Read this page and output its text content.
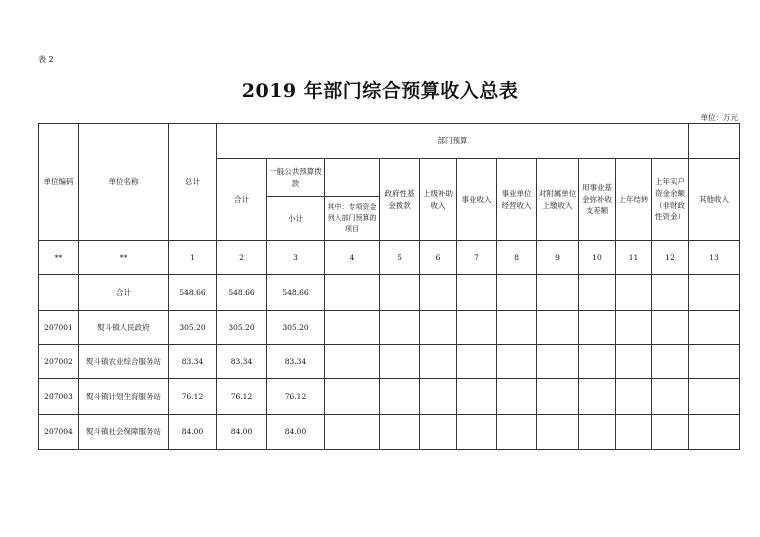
表 2
2019 年部门综合预算收入总表
单位：万元
单位编码	单位名称	总计	部门预算											
			合计	一般公共预算拨款		政府性基金拨款	上级补助收入	事业收入	事业单位经营收入	对附属单位上缴收入	用事业基金弥补收支差额	上年结转	上年实户资金余额（非财政性资金）	其他收入
				小计	其中：专项资金列入部门预算的项目									

**	**	1	2	3	4	5	6	7	8	9	10	11	12	13
	合计	548.66	548.66	548.66										
207001	熨斗镇人民政府	305.20	305.20	305.20										
207002	熨斗镇农业综合服务站	83.34	83.34	83.34										
207003	熨斗镇计划生育服务站	76.12	76.12	76.12										
207004	熨斗镇社会保障服务站	84.00	84.00	84.00										
